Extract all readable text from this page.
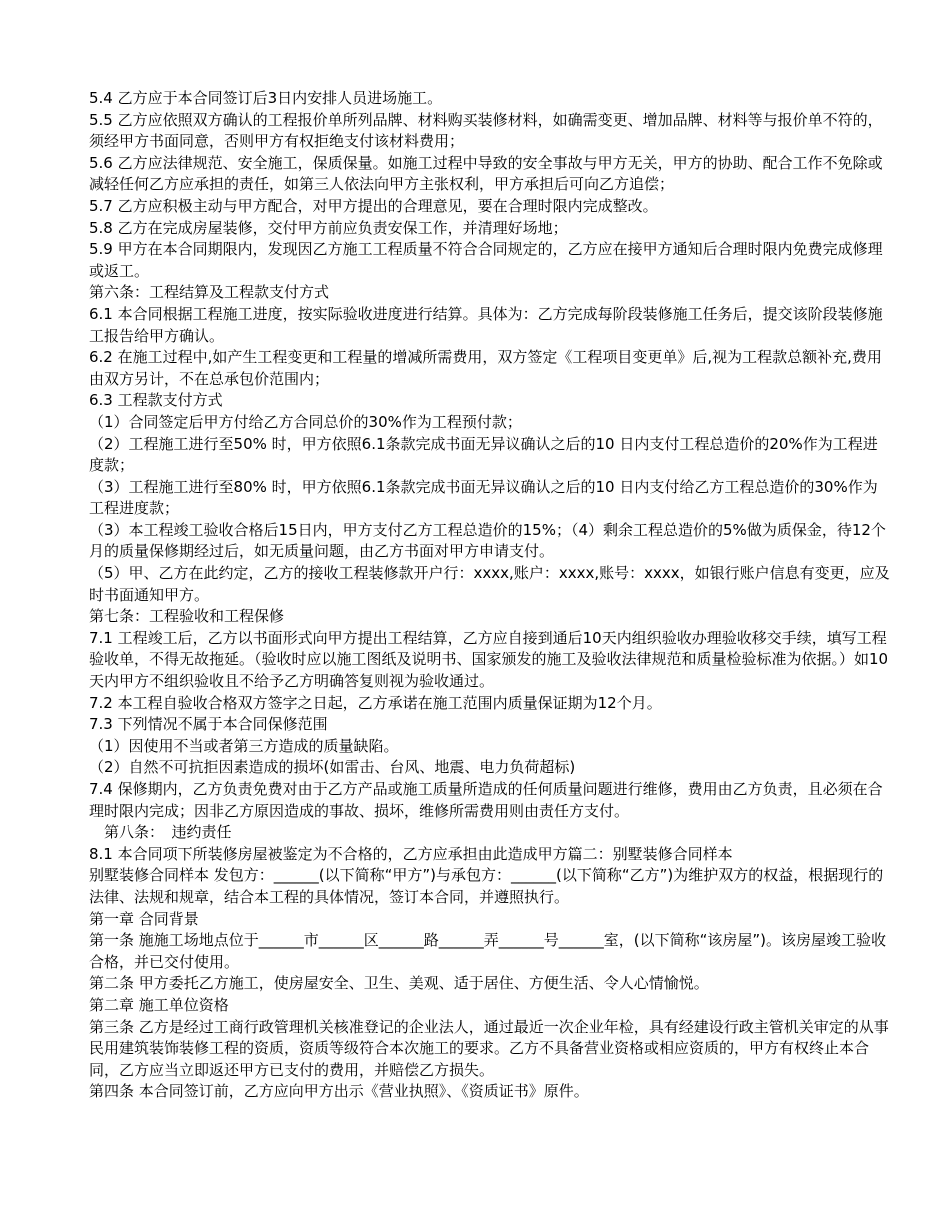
5.4 乙方应于本合同签订后3日内安排人员进场施工。

5.5 乙方应依照双方确认的工程报价单所列品牌、材料购买装修材料，如确需变更、增加品牌、材料等与报价单不符的，须经甲方书面同意，否则甲方有权拒绝支付该材料费用；

5.6 乙方应法律规范、安全施工，保质保量。如施工过程中导致的安全事故与甲方无关，甲方的协助、配合工作不免除或减轻任何乙方应承担的责任，如第三人依法向甲方主张权利，甲方承担后可向乙方追偿；

5.7 乙方应积极主动与甲方配合，对甲方提出的合理意见，要在合理时限内完成整改。

5.8 乙方在完成房屋装修，交付甲方前应负责安保工作，并清理好场地；

5.9 甲方在本合同期限内，发现因乙方施工工程质量不符合合同规定的，乙方应在接甲方通知后合理时限内免费完成修理或返工。

第六条：工程结算及工程款支付方式

6.1 本合同根据工程施工进度，按实际验收进度进行结算。具体为：乙方完成每阶段装修施工任务后，提交该阶段装修施工报告给甲方确认。

6.2 在施工过程中,如产生工程变更和工程量的增减所需费用，双方签定《工程项目变更单》后,视为工程款总额补充,费用由双方另计，不在总承包价范围内；

6.3 工程款支付方式

（1）合同签定后甲方付给乙方合同总价的30%作为工程预付款；

（2）工程施工进行至50% 时，甲方依照6.1条款完成书面无异议确认之后的10 日内支付工程总造价的20%作为工程进度款；

（3）工程施工进行至80% 时，甲方依照6.1条款完成书面无异议确认之后的10 日内支付给乙方工程总造价的30%作为工程进度款；

（3）本工程竣工验收合格后15日内，甲方支付乙方工程总造价的15%；（4）剩余工程总造价的5%做为质保金，待12个月的质量保修期经过后，如无质量问题，由乙方书面对甲方申请支付。

（5）甲、乙方在此约定，乙方的接收工程装修款开户行：xxxx,账户：xxxx,账号：xxxx，如银行账户信息有变更，应及时书面通知甲方。

第七条：工程验收和工程保修

7.1 工程竣工后，乙方以书面形式向甲方提出工程结算，乙方应自接到通后10天内组织验收办理验收移交手续，填写工程验收单，不得无故拖延。（验收时应以施工图纸及说明书、国家颁发的施工及验收法律规范和质量检验标准为依据。）如10天内甲方不组织验收且不给予乙方明确答复则视为验收通过。

7.2 本工程自验收合格双方签字之日起，乙方承诺在施工范围内质量保证期为12个月。

7.3 下列情况不属于本合同保修范围

（1）因使用不当或者第三方造成的质量缺陷。

（2）自然不可抗拒因素造成的损坏(如雷击、台风、地震、电力负荷超标)

7.4 保修期内，乙方负责免费对由于乙方产品或施工质量所造成的任何质量问题进行维修，费用由乙方负责，且必须在合理时限内完成；因非乙方原因造成的事故、损坏，维修所需费用则由责任方支付。

　第八条：　违约责任

8.1 本合同项下所装修房屋被鉴定为不合格的，乙方应承担由此造成甲方篇二：别墅装修合同样本

别墅装修合同样本 发包方：______(以下简称“甲方”)与承包方：______(以下简称“乙方”)为维护双方的权益，根据现行的法律、法规和规章，结合本工程的具体情况，签订本合同，并遵照执行。

第一章 合同背景

第一条 施施工场地点位于______市______区______路______弄______号______室，(以下简称“该房屋”)。该房屋竣工验收合格，并已交付使用。

第二条 甲方委托乙方施工，使房屋安全、卫生、美观、适于居住、方便生活、令人心情愉悦。

第二章 施工单位资格

第三条 乙方是经过工商行政管理机关核准登记的企业法人，通过最近一次企业年检，具有经建设行政主管机关审定的从事民用建筑装饰装修工程的资质，资质等级符合本次施工的要求。乙方不具备营业资格或相应资质的，甲方有权终止本合同，乙方应当立即返还甲方已支付的费用，并赔偿乙方损失。

第四条 本合同签订前，乙方应向甲方出示《营业执照》、《资质证书》原件。
